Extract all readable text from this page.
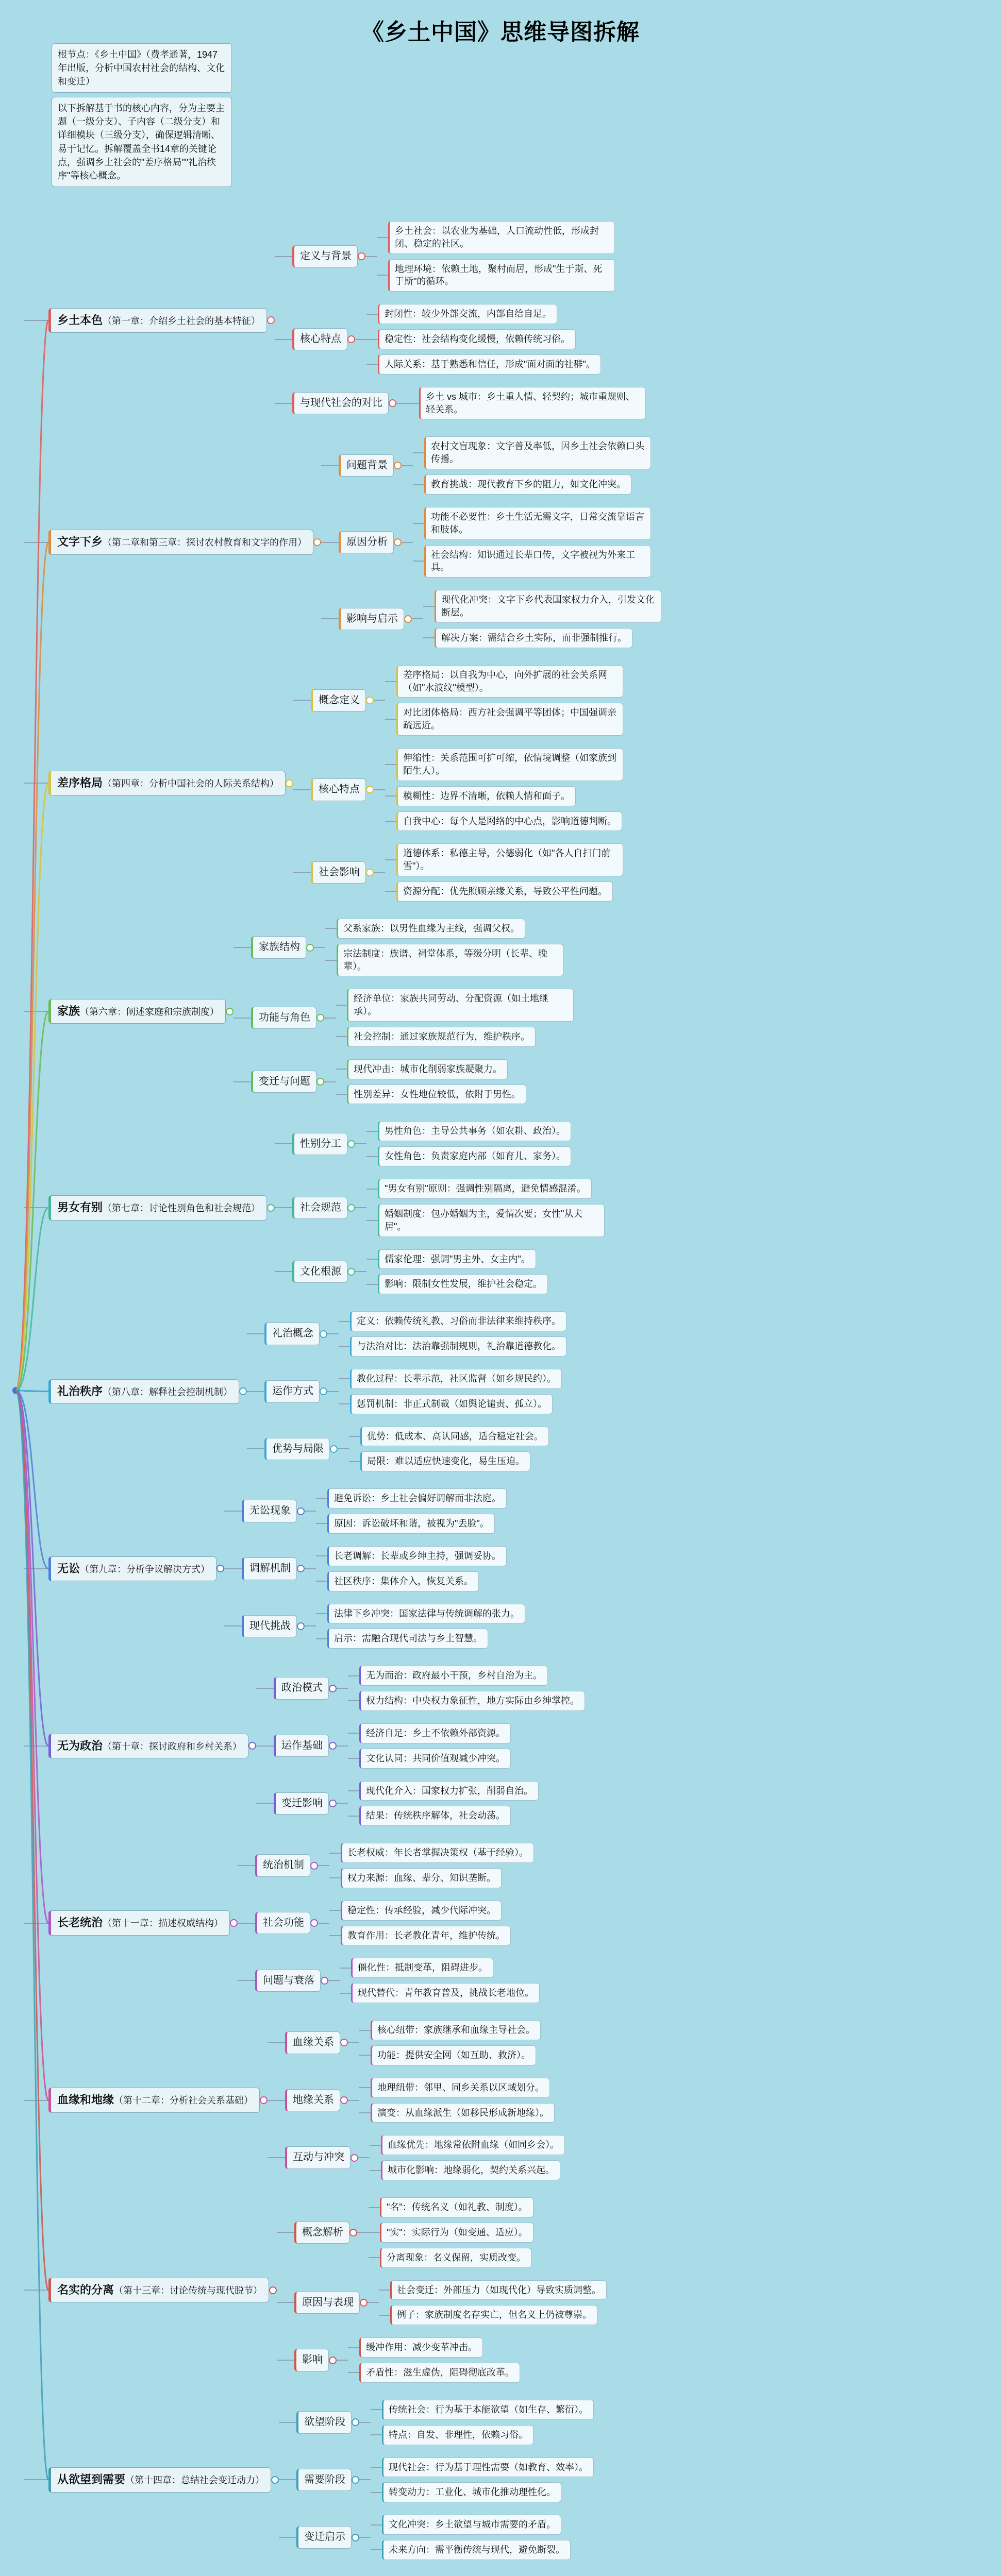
《乡土中国》思维导图拆解
根节点：《乡土中国》（费孝通著，1947年出版，分析中国农村社会的结构、文化和变迁）
以下拆解基于书的核心内容，分为主要主题（一级分支）、子内容（二级分支）和详细模块（三级分支），确保逻辑清晰、易于记忆。拆解覆盖全书14章的关键论点，强调乡土社会的"差序格局""礼治秩序"等核心概念。
乡土本色（第一章：介绍乡土社会的基本特征）
定义与背景
乡土社会：以农业为基础，人口流动性低，形成封闭、稳定的社区。
地理环境：依赖土地，聚村而居，形成"生于斯、死于斯"的循环。
核心特点
封闭性：较少外部交流，内部自给自足。
稳定性：社会结构变化缓慢，依赖传统习俗。
人际关系：基于熟悉和信任，形成"面对面的社群"。
与现代社会的对比
乡土 vs 城市：乡土重人情、轻契约；城市重规则、轻关系。
文字下乡（第二章和第三章：探讨农村教育和文字的作用）
问题背景
农村文盲现象：文字普及率低，因乡土社会依赖口头传播。
教育挑战：现代教育下乡的阻力，如文化冲突。
原因分析
功能不必要性：乡土生活无需文字，日常交流靠语言和肢体。
社会结构：知识通过长辈口传，文字被视为外来工具。
影响与启示
现代化冲突：文字下乡代表国家权力介入，引发文化断层。
解决方案：需结合乡土实际，而非强制推行。
差序格局（第四章：分析中国社会的人际关系结构）
概念定义
差序格局：以自我为中心，向外扩展的社会关系网（如"水波纹"模型）。
对比团体格局：西方社会强调平等团体；中国强调亲疏远近。
核心特点
伸缩性：关系范围可扩可缩，依情境调整（如家族到陌生人）。
模糊性：边界不清晰，依赖人情和面子。
自我中心：每个人是网络的中心点，影响道德判断。
社会影响
道德体系：私德主导，公德弱化（如"各人自扫门前雪"）。
资源分配：优先照顾亲缘关系，导致公平性问题。
家族（第六章：阐述家庭和宗族制度）
家族结构
父系家族：以男性血缘为主线，强调父权。
宗法制度：族谱、祠堂体系，等级分明（长辈、晚辈）。
功能与角色
经济单位：家族共同劳动、分配资源（如土地继承）。
社会控制：通过家族规范行为，维护秩序。
变迁与问题
现代冲击：城市化削弱家族凝聚力。
性别差异：女性地位较低，依附于男性。
男女有别（第七章：讨论性别角色和社会规范）
性别分工
男性角色：主导公共事务（如农耕、政治）。
女性角色：负责家庭内部（如育儿、家务）。
社会规范
"男女有别"原则：强调性别隔离，避免情感混淆。
婚姻制度：包办婚姻为主，爱情次要；女性"从夫居"。
文化根源
儒家伦理：强调"男主外、女主内"。
影响：限制女性发展，维护社会稳定。
礼治秩序（第八章：解释社会控制机制）
礼治概念
定义：依赖传统礼教、习俗而非法律来维持秩序。
与法治对比：法治靠强制规则，礼治靠道德教化。
运作方式
教化过程：长辈示范，社区监督（如乡规民约）。
惩罚机制：非正式制裁（如舆论谴责、孤立）。
优势与局限
优势：低成本、高认同感，适合稳定社会。
局限：难以适应快速变化，易生压迫。
无讼（第九章：分析争议解决方式）
无讼现象
避免诉讼：乡土社会偏好调解而非法庭。
原因：诉讼破坏和谐，被视为"丢脸"。
调解机制
长老调解：长辈或乡绅主持，强调妥协。
社区秩序：集体介入，恢复关系。
现代挑战
法律下乡冲突：国家法律与传统调解的张力。
启示：需融合现代司法与乡土智慧。
无为政治（第十章：探讨政府和乡村关系）
政治模式
无为而治：政府最小干预，乡村自治为主。
权力结构：中央权力象征性，地方实际由乡绅掌控。
运作基础
经济自足：乡土不依赖外部资源。
文化认同：共同价值观减少冲突。
变迁影响
现代化介入：国家权力扩张，削弱自治。
结果：传统秩序解体，社会动荡。
长老统治（第十一章：描述权威结构）
统治机制
长老权威：年长者掌握决策权（基于经验）。
权力来源：血缘、辈分、知识垄断。
社会功能
稳定性：传承经验，减少代际冲突。
教育作用：长老教化青年，维护传统。
问题与衰落
僵化性：抵制变革，阻碍进步。
现代替代：青年教育普及，挑战长老地位。
血缘和地缘（第十二章：分析社会关系基础）
血缘关系
核心纽带：家族继承和血缘主导社会。
功能：提供安全网（如互助、救济）。
地缘关系
地理纽带：邻里、同乡关系以区域划分。
演变：从血缘派生（如移民形成新地缘）。
互动与冲突
血缘优先：地缘常依附血缘（如同乡会）。
城市化影响：地缘弱化，契约关系兴起。
名实的分离（第十三章：讨论传统与现代脱节）
概念解析
"名"：传统名义（如礼教、制度）。
"实"：实际行为（如变通、适应）。
分离现象：名义保留，实质改变。
原因与表现
社会变迁：外部压力（如现代化）导致实质调整。
例子：家族制度名存实亡，但名义上仍被尊崇。
影响
缓冲作用：减少变革冲击。
矛盾性：滋生虚伪，阻碍彻底改革。
从欲望到需要（第十四章：总结社会变迁动力）
欲望阶段
传统社会：行为基于本能欲望（如生存、繁衍）。
特点：自发、非理性，依赖习俗。
需要阶段
现代社会：行为基于理性需要（如教育、效率）。
转变动力：工业化、城市化推动理性化。
变迁启示
文化冲突：乡土欲望与城市需要的矛盾。
未来方向：需平衡传统与现代，避免断裂。
